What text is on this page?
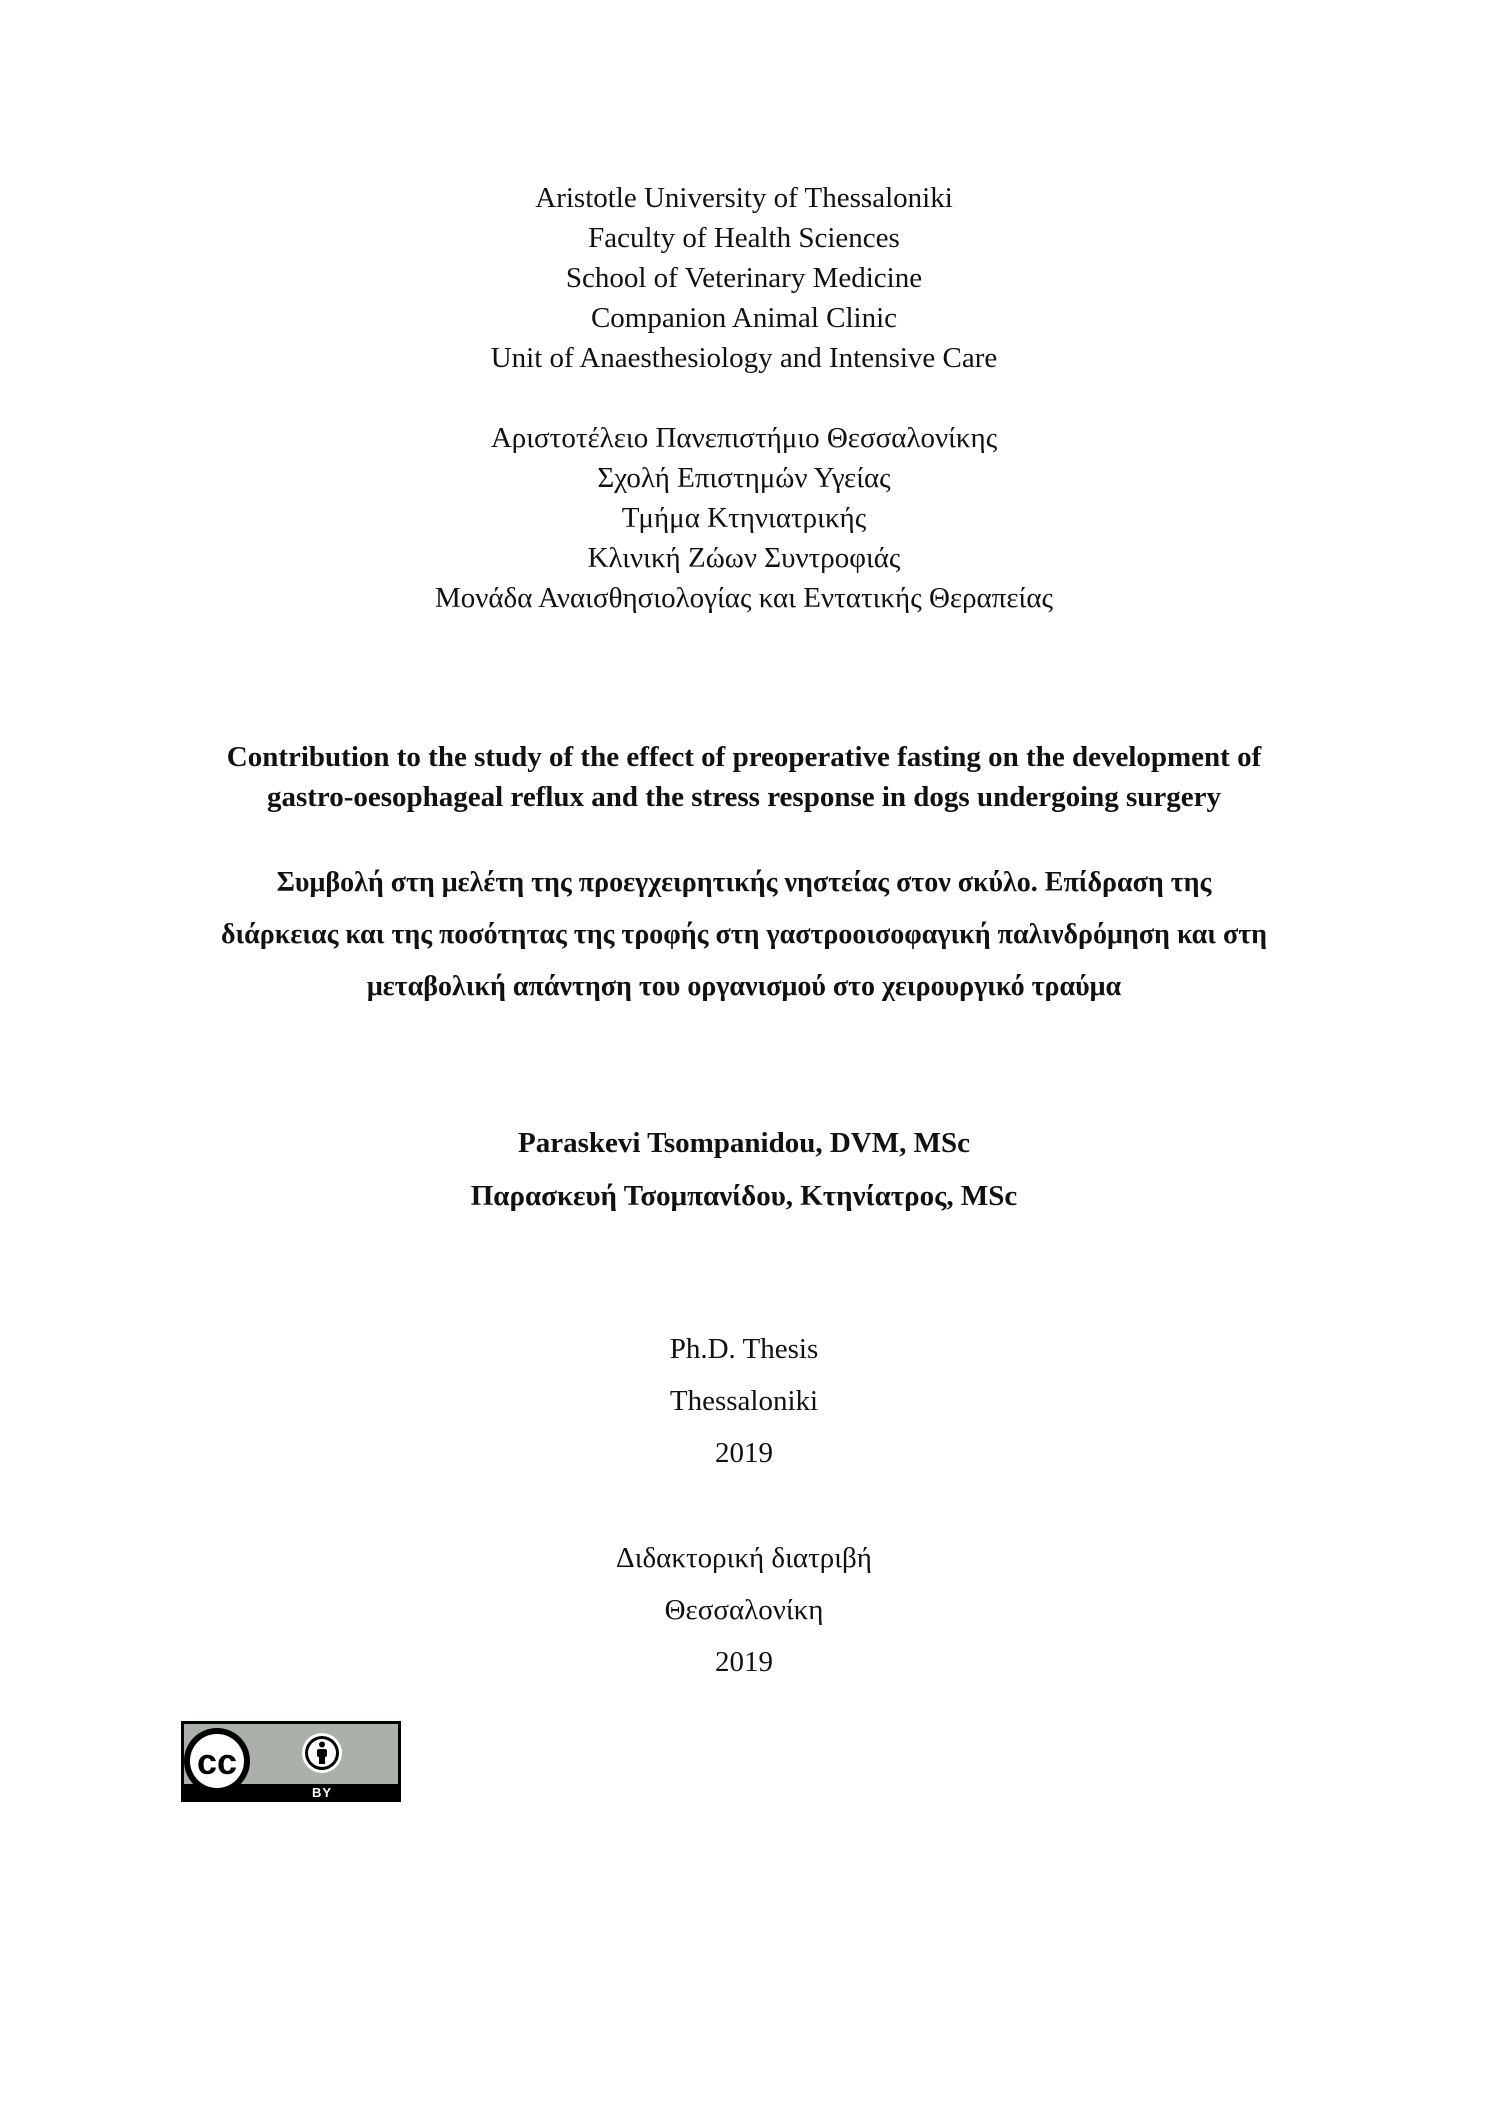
Aristotle University of Thessaloniki
Faculty of Health Sciences
School of Veterinary Medicine
Companion Animal Clinic
Unit of Anaesthesiology and Intensive Care
Αριστοτέλειο Πανεπιστήμιο Θεσσαλονίκης
Σχολή Επιστημών Υγείας
Τμήμα Κτηνιατρικής
Κλινική Ζώων Συντροφιάς
Μονάδα Αναισθησιολογίας και Εντατικής Θεραπείας
Contribution to the study of the effect of preoperative fasting on the development of
gastro-oesophageal reflux and the stress response in dogs undergoing surgery
Συμβολή στη μελέτη της προεγχειρητικής νηστείας στον σκύλο. Επίδραση της
διάρκειας και της ποσότητας της τροφής στη γαστροοισοφαγική παλινδρόμηση και στη
μεταβολική απάντηση του οργανισμού στο χειρουργικό τραύμα
Paraskevi Tsompanidou, DVM, MSc
Παρασκευή Τσομπανίδου, Κτηνίατρος, MSc
Ph.D. Thesis
Thessaloniki
2019
Διδακτορική διατριβή
Θεσσαλονίκη
2019
cc
BY
